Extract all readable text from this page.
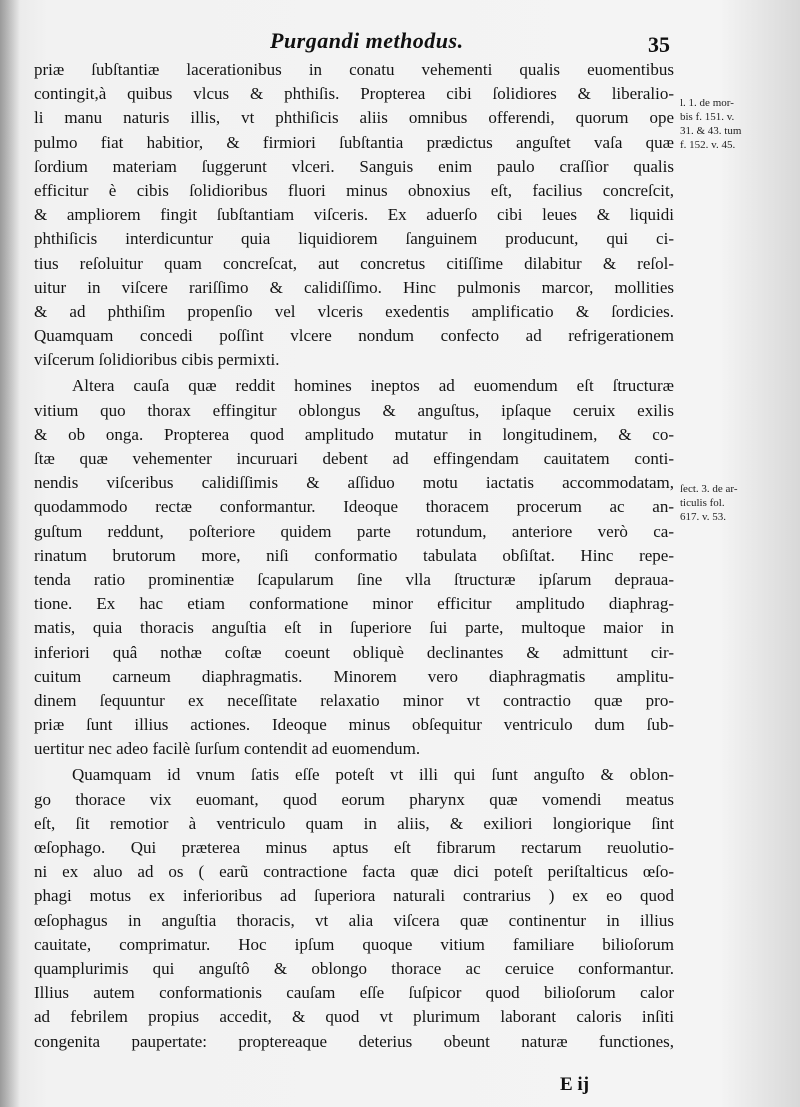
Purgandi methodus.	35
priæ ſubſtantiæ lacerationibus in conatu vehementi qualis euomentibus
contingit,à quibus vlcus & phthiſis. Propterea cibi ſolidiores & liberalio-
li manu naturis illis, vt phthiſicis aliis omnibus offerendi, quorum ope
pulmo fiat habitior, & firmiori ſubſtantia prædictus anguſtet vaſa quæ
ſordium materiam ſuggerunt vlceri. Sanguis enim paulo craſſior qualis
efficitur è cibis ſolidioribus fluori minus obnoxius eſt, facilius concreſcit,
& ampliorem fingit ſubſtantiam viſceris. Ex aduerſo cibi leues & liquidi
phthiſicis interdicuntur quia liquidiorem ſanguinem producunt, qui ci-
tius reſoluitur quam concreſcat, aut concretus citiſſime dilabitur & reſol-
uitur in viſcere rariſſimo & calidiſſimo. Hinc pulmonis marcor, mollities
& ad phthiſim propenſio vel vlceris exedentis amplificatio & ſordicies.
Quamquam concedi poſſint vlcere nondum confecto ad refrigerationem
viſcerum ſolidioribus cibis permixti.
Altera cauſa quæ reddit homines ineptos ad euomendum eſt ſtructuræ
vitium quo thorax effingitur oblongus & anguſtus, ipſaque ceruix exilis
& ob onga. Propterea quod amplitudo mutatur in longitudinem, & co-
ſtæ quæ vehementer incuruari debent ad effingendam cauitatem conti-
nendis viſceribus calidiſſimis & aſſiduo motu iactatis accommodatam,
quodammodo rectæ conformantur. Ideoque thoracem procerum ac an-
guſtum reddunt, poſteriore quidem parte rotundum, anteriore verò ca-
rinatum brutorum more, niſi conformatio tabulata obſiſtat. Hinc repe-
tenda ratio prominentiæ ſcapularum ſine vlla ſtructuræ ipſarum depraua-
tione. Ex hac etiam conformatione minor efficitur amplitudo diaphrag-
matis, quia thoracis anguſtia eſt in ſuperiore ſui parte, multoque maior in
inferiori quâ nothæ coſtæ coeunt obliquè declinantes & admittunt cir-
cuitum carneum diaphragmatis. Minorem vero diaphragmatis amplitu-
dinem ſequuntur ex neceſſitate relaxatio minor vt contractio quæ pro-
priæ ſunt illius actiones. Ideoque minus obſequitur ventriculo dum ſub-
uertitur nec adeo facilè ſurſum contendit ad euomendum.
Quamquam id vnum ſatis eſſe poteſt vt illi qui ſunt anguſto & oblon-
go thorace vix euomant, quod eorum pharynx quæ vomendi meatus
eſt, ſit remotior à ventriculo quam in aliis, & exiliori longiorique ſint
œſophago. Qui præterea minus aptus eſt fibrarum rectarum reuolutio-
ni ex aluo ad os ( earũ contractione facta quæ dici poteſt periſtalticus œſo-
phagi motus ex inferioribus ad ſuperiora naturali contrarius ) ex eo quod
œſophagus in anguſtia thoracis, vt alia viſcera quæ continentur in illius
cauitate, comprimatur. Hoc ipſum quoque vitium familiare bilioſorum
quamplurimis qui anguſtô & oblongo thorace ac ceruice conformantur.
Illius autem conformationis cauſam eſſe ſuſpicor quod bilioſorum calor
ad febrilem propius accedit, & quod vt plurimum laborant caloris inſiti
congenita paupertate: proptereaque deterius obeunt naturæ functiones,
l. 1. de mor-
bis f. 151. v.
31. & 43. tum
f. 152. v. 45.
ſect. 3. de ar-
ticulis fol.
617. v. 53.
E ij
